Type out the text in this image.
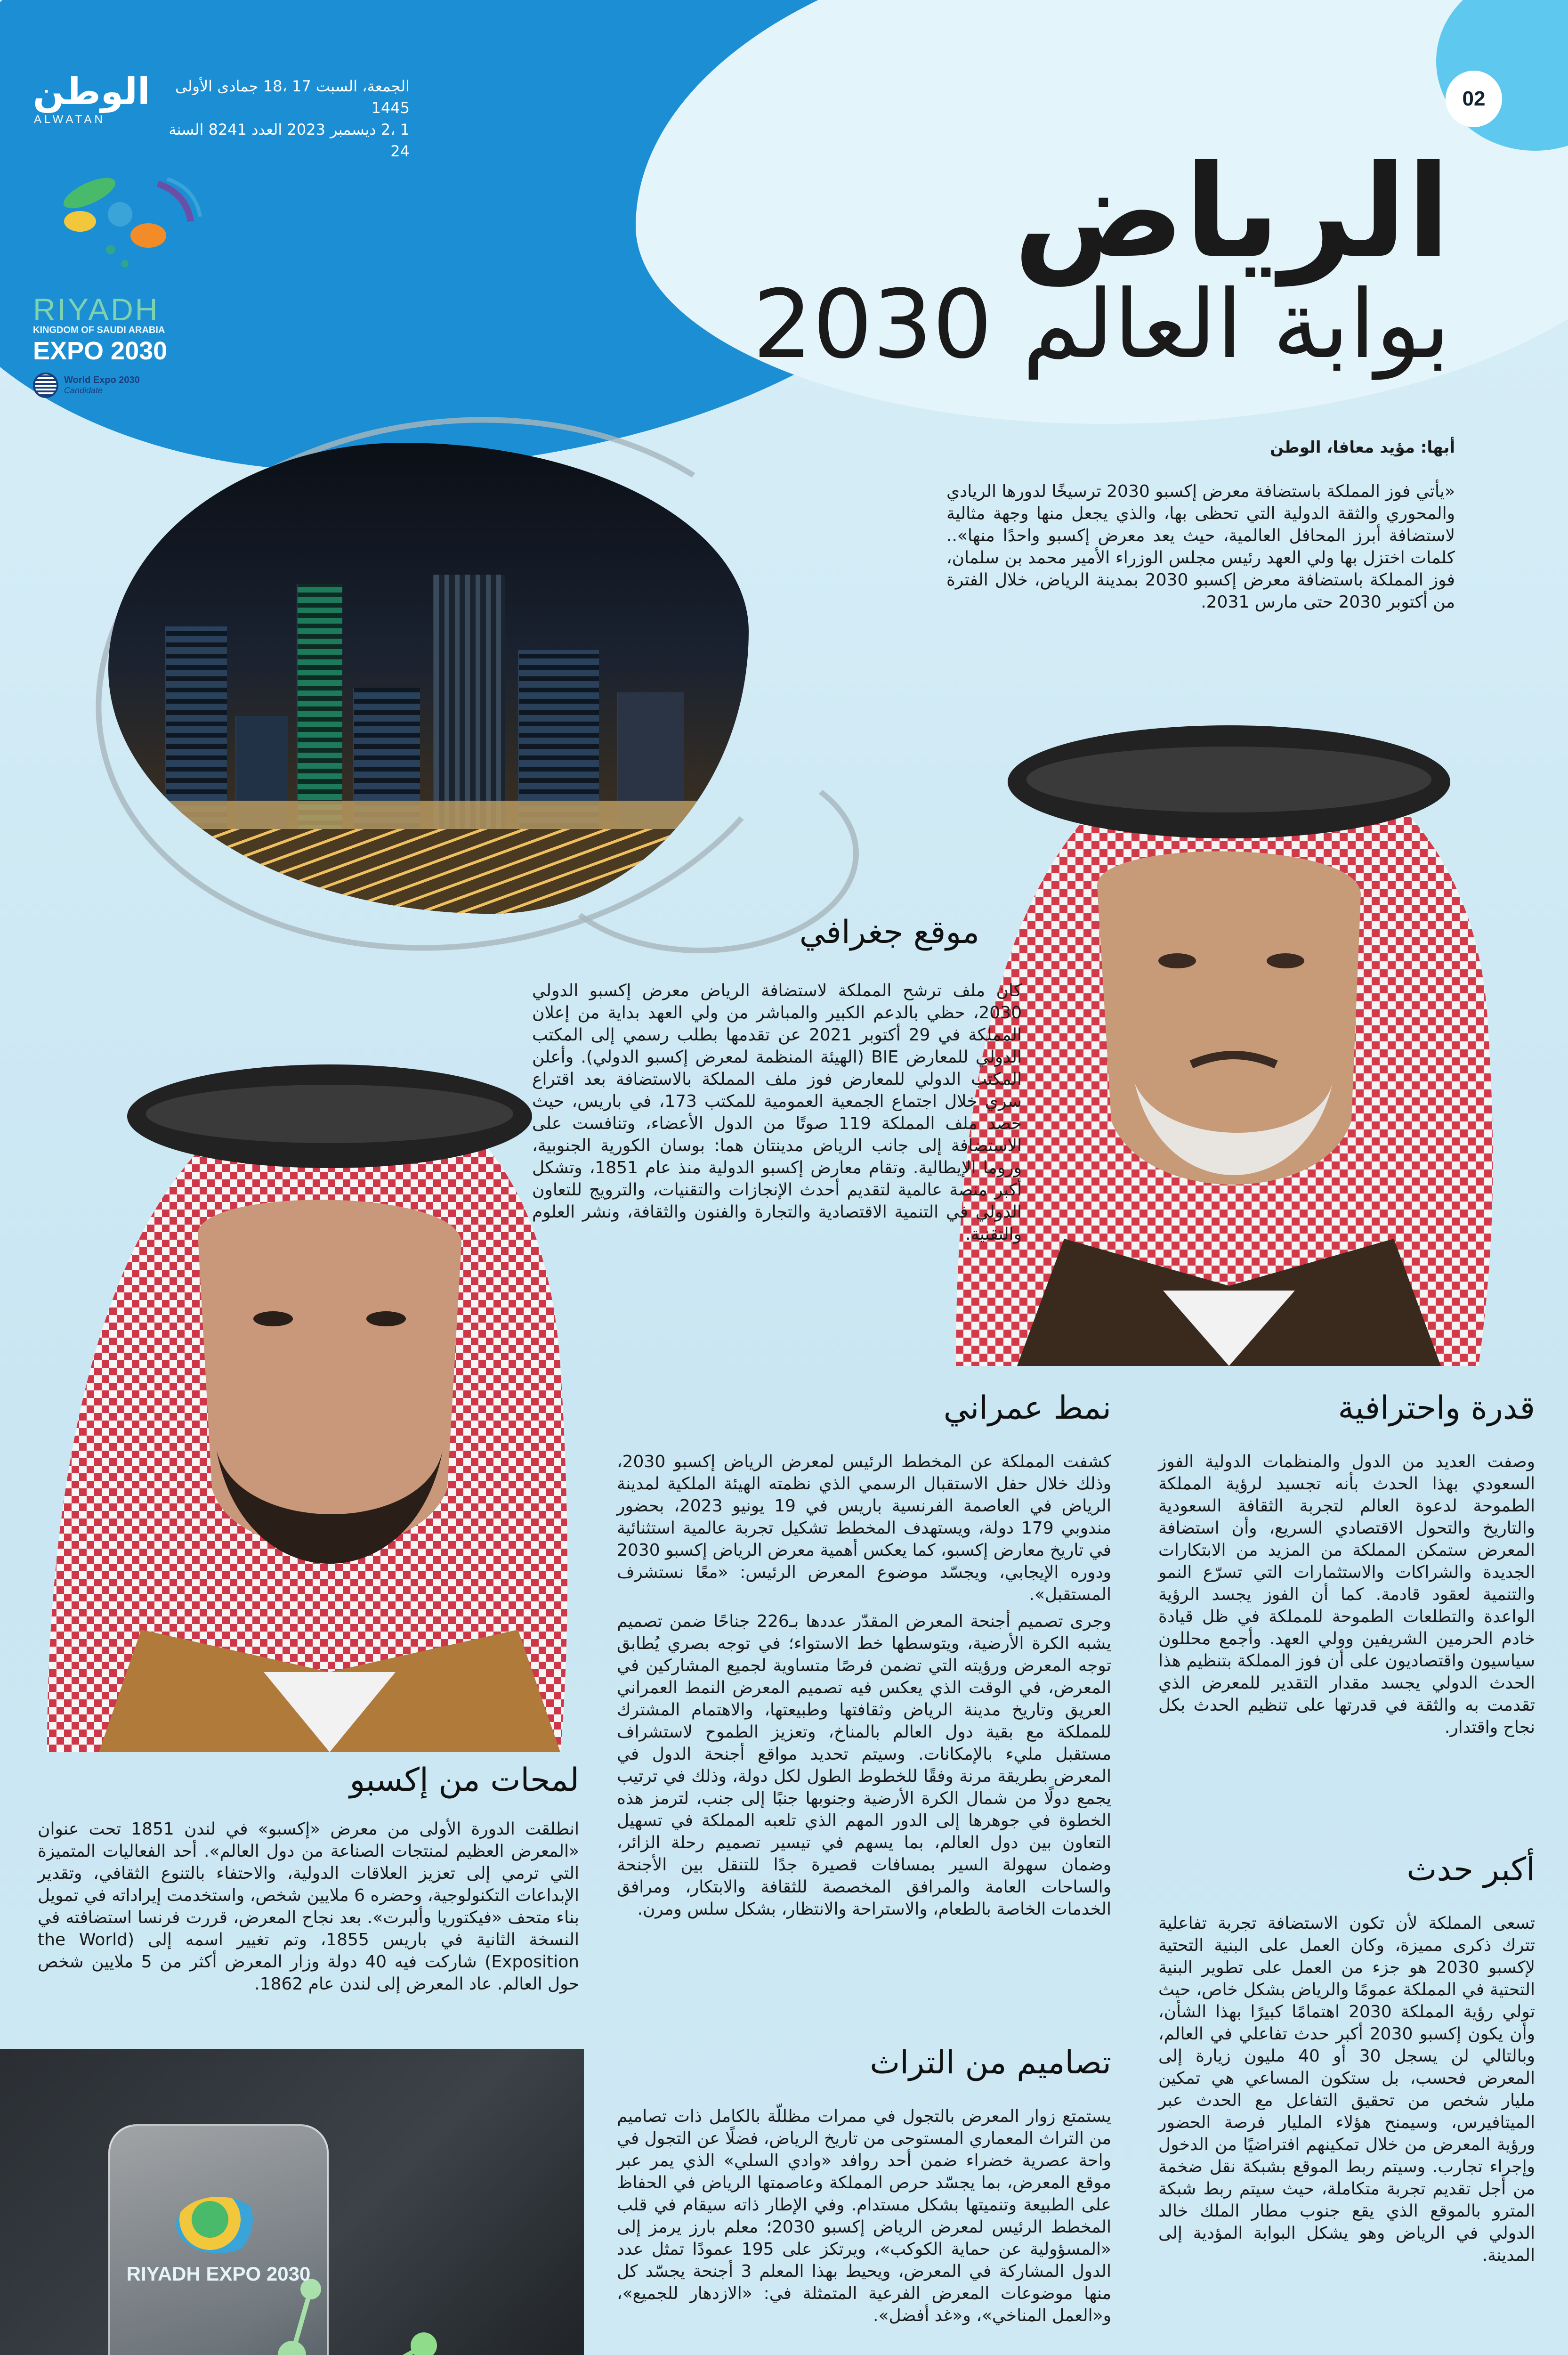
الوطن
ALWATAN
الجمعة، السبت 17 ،18 جمادى الأولى 1445
1 ،2 ديسمبر 2023 العدد 8241 السنة 24
02
RIYADH
KINGDOM OF SAUDI ARABIA
EXPO 2030
World Expo 2030
Candidate
الرياض
بوابة العالم 2030
أبها: مؤيد معافا، الوطن
«يأتي فوز المملكة باستضافة معرض إكسبو 2030 ترسيخًا لدورها الريادي والمحوري والثقة الدولية التي تحظى بها، والذي يجعل منها وجهة مثالية لاستضافة أبرز المحافل العالمية، حيث يعد معرض إكسبو واحدًا منها».. كلمات اختزل بها ولي العهد رئيس مجلس الوزراء الأمير محمد بن سلمان، فوز المملكة باستضافة معرض إكسبو 2030 بمدينة الرياض، خلال الفترة من أكتوبر 2030 حتى مارس 2031.
موقع جغرافي
كان ملف ترشح المملكة لاستضافة الرياض معرض إكسبو الدولي 2030، حظي بالدعم الكبير والمباشر من ولي العهد بداية من إعلان المملكة في 29 أكتوبر 2021 عن تقدمها بطلب رسمي إلى المكتب الدولي للمعارض BIE (الهيئة المنظمة لمعرض إكسبو الدولي). وأعلن المكتب الدولي للمعارض فوز ملف المملكة بالاستضافة بعد اقتراع سري خلال اجتماع الجمعية العمومية للمكتب 173، في باريس، حيث حصد ملف المملكة 119 صوتًا من الدول الأعضاء، وتنافست على الاستضافة إلى جانب الرياض مدينتان هما: بوسان الكورية الجنوبية، وروما الإيطالية. وتقام معارض إكسبو الدولية منذ عام 1851، وتشكل أكبر منصة عالمية لتقديم أحدث الإنجازات والتقنيات، والترويج للتعاون الدولي في التنمية الاقتصادية والتجارة والفنون والثقافة، ونشر العلوم والتقنية.
قدرة واحترافية
وصفت العديد من الدول والمنظمات الدولية الفوز السعودي بهذا الحدث بأنه تجسيد لرؤية المملكة الطموحة لدعوة العالم لتجربة الثقافة السعودية والتاريخ والتحول الاقتصادي السريع، وأن استضافة المعرض ستمكن المملكة من المزيد من الابتكارات الجديدة والشراكات والاستثمارات التي تسرّع النمو والتنمية لعقود قادمة. كما أن الفوز يجسد الرؤية الواعدة والتطلعات الطموحة للمملكة في ظل قيادة خادم الحرمين الشريفين وولي العهد. وأجمع محللون سياسيون واقتصاديون على أن فوز المملكة بتنظيم هذا الحدث الدولي يجسد مقدار التقدير للمعرض الذي تقدمت به والثقة في قدرتها على تنظيم الحدث بكل نجاح واقتدار.
نمط عمراني
كشفت المملكة عن المخطط الرئيس لمعرض الرياض إكسبو 2030، وذلك خلال حفل الاستقبال الرسمي الذي نظمته الهيئة الملكية لمدينة الرياض في العاصمة الفرنسية باريس في 19 يونيو 2023، بحضور مندوبي 179 دولة، ويستهدف المخطط تشكيل تجربة عالمية استثنائية في تاريخ معارض إكسبو، كما يعكس أهمية معرض الرياض إكسبو 2030 ودوره الإيجابي، ويجسّد موضوع المعرض الرئيس: «معًا نستشرف المستقبل».
وجرى تصميم أجنحة المعرض المقدّر عددها بـ226 جناحًا ضمن تصميم يشبه الكرة الأرضية، ويتوسطها خط الاستواء؛ في توجه بصري يُطابق توجه المعرض ورؤيته التي تضمن فرصًا متساوية لجميع المشاركين في المعرض، في الوقت الذي يعكس فيه تصميم المعرض النمط العمراني العريق وتاريخ مدينة الرياض وثقافتها وطبيعتها، والاهتمام المشترك للمملكة مع بقية دول العالم بالمناخ، وتعزيز الطموح لاستشراف مستقبل مليء بالإمكانات. وسيتم تحديد مواقع أجنحة الدول في المعرض بطريقة مرنة وفقًا للخطوط الطول لكل دولة، وذلك في ترتيب يجمع دولًا من شمال الكرة الأرضية وجنوبها جنبًا إلى جنب، لترمز هذه الخطوة في جوهرها إلى الدور المهم الذي تلعبه المملكة في تسهيل التعاون بين دول العالم، بما يسهم في تيسير تصميم رحلة الزائر، وضمان سهولة السير بمسافات قصيرة جدًا للتنقل بين الأجنحة والساحات العامة والمرافق المخصصة للثقافة والابتكار، ومرافق الخدمات الخاصة بالطعام، والاستراحة والانتظار، بشكل سلس ومرن.
أكبر حدث
تسعى المملكة لأن تكون الاستضافة تجربة تفاعلية تترك ذكرى مميزة، وكان العمل على البنية التحتية لإكسبو 2030 هو جزء من العمل على تطوير البنية التحتية في المملكة عمومًا والرياض بشكل خاص، حيث تولي رؤية المملكة 2030 اهتمامًا كبيرًا بهذا الشأن، وأن يكون إكسبو 2030 أكبر حدث تفاعلي في العالم، وبالتالي لن يسجل 30 أو 40 مليون زيارة إلى المعرض فحسب، بل ستكون المساعي هي تمكين مليار شخص من تحقيق التفاعل مع الحدث عبر الميتافيرس، وسيمنح هؤلاء المليار فرصة الحضور ورؤية المعرض من خلال تمكينهم افتراضيًا من الدخول وإجراء تجارب. وسيتم ربط الموقع بشبكة نقل ضخمة من أجل تقديم تجربة متكاملة، حيث سيتم ربط شبكة المترو بالموقع الذي يقع جنوب مطار الملك خالد الدولي في الرياض وهو يشكل البوابة المؤدية إلى المدينة.
لمحات من إكسبو
انطلقت الدورة الأولى من معرض «إكسبو» في لندن 1851 تحت عنوان «المعرض العظيم لمنتجات الصناعة من دول العالم». أحد الفعاليات المتميزة التي ترمي إلى تعزيز العلاقات الدولية، والاحتفاء بالتنوع الثقافي، وتقدير الإبداعات التكنولوجية، وحضره 6 ملايين شخص، واستخدمت إيراداته في تمويل بناء متحف «فيكتوريا وألبرت». بعد نجاح المعرض، قررت فرنسا استضافته في النسخة الثانية في باريس 1855، وتم تغيير اسمه إلى (the World Exposition) شاركت فيه 40 دولة وزار المعرض أكثر من 5 ملايين شخص حول العالم. عاد المعرض إلى لندن عام 1862.
تصاميم من التراث
يستمتع زوار المعرض بالتجول في ممرات مظللّة بالكامل ذات تصاميم من التراث المعماري المستوحى من تاريخ الرياض، فضلًا عن التجول في واحة عصرية خضراء ضمن أحد روافد «وادي السلي» الذي يمر عبر موقع المعرض، بما يجسّد حرص المملكة وعاصمتها الرياض في الحفاظ على الطبيعة وتنميتها بشكل مستدام. وفي الإطار ذاته سيقام في قلب المخطط الرئيس لمعرض الرياض إكسبو 2030؛ معلم بارز يرمز إلى «المسؤولية عن حماية الكوكب»، ويرتكز على 195 عمودًا تمثل عدد الدول المشاركة في المعرض، ويحيط بهذا المعلم 3 أجنحة يجسّد كل منها موضوعات المعرض الفرعية المتمثلة في: «الازدهار للجميع»، و«العمل المناخي»، و«غد أفضل».
RIYADH EXPO 2030
